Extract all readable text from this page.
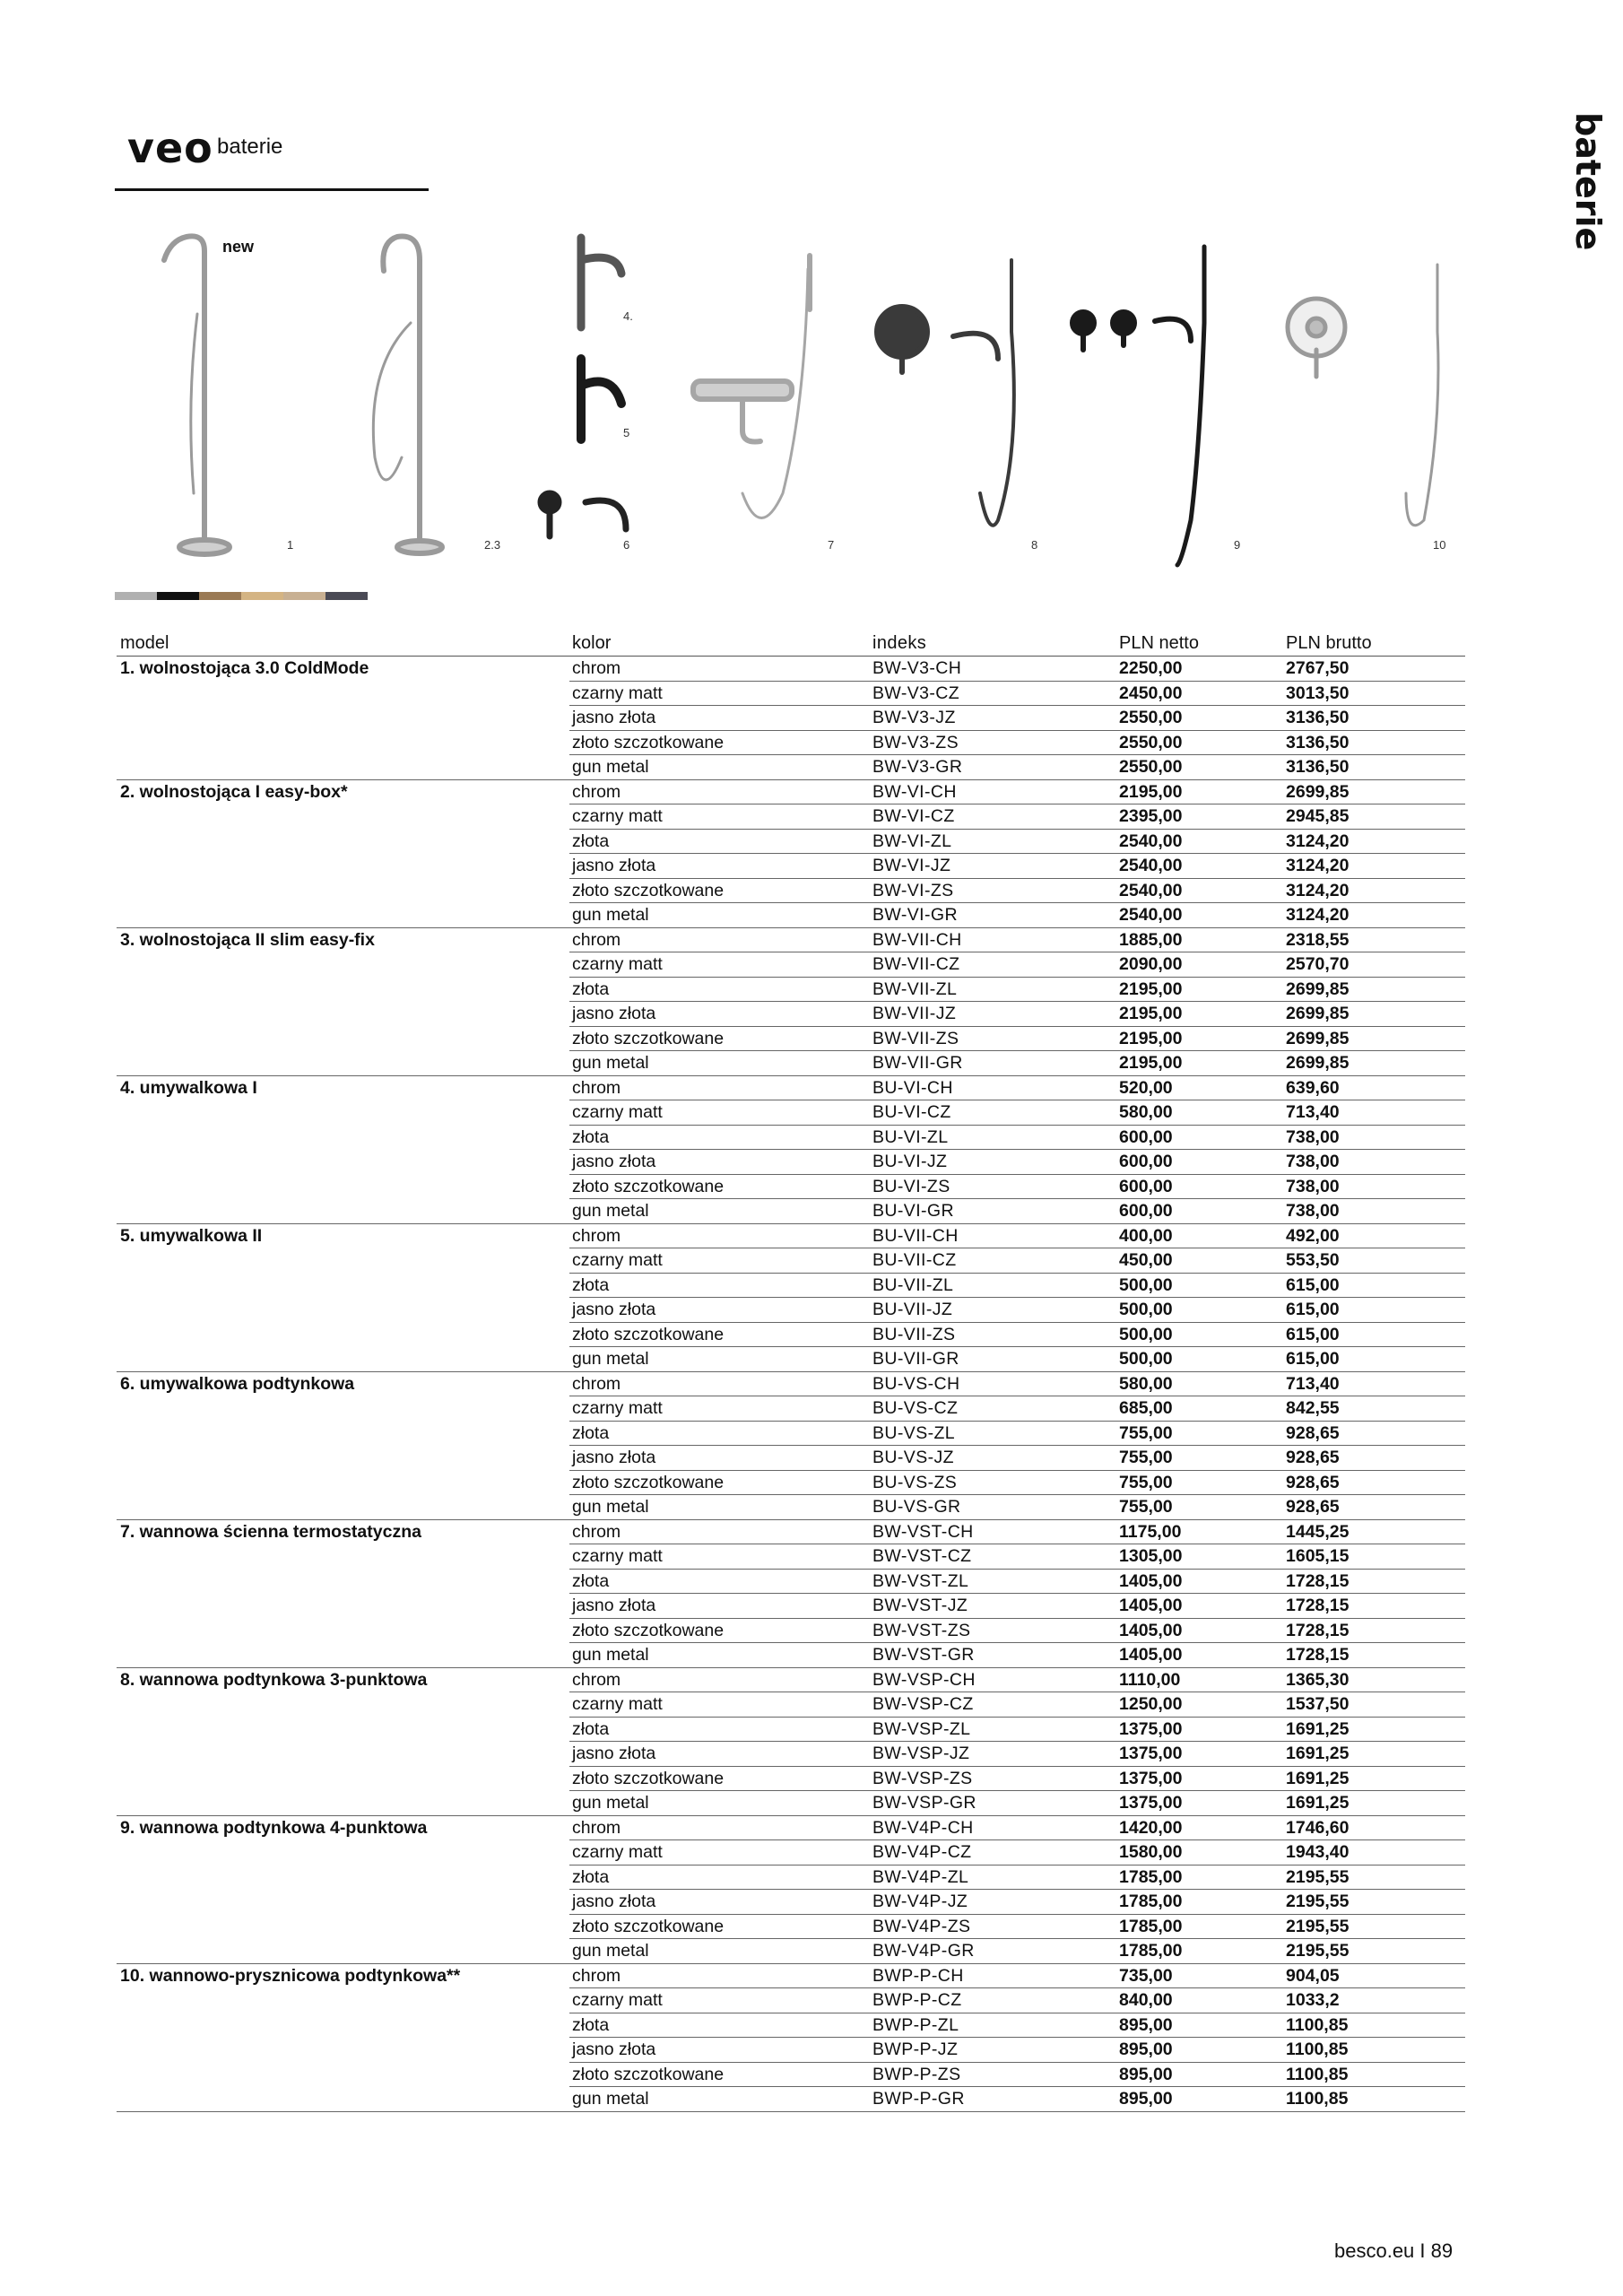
veo baterie	baterie
new
1	2.3
4.
5
6	7	8	9	10
model	kolor	indeks	PLN netto	PLN brutto
1. wolnostojąca 3.0 ColdMode	chrom	BW-V3-CH	2250,00	2767,50
czarny matt	BW-V3-CZ	2450,00	3013,50
jasno złota	BW-V3-JZ	2550,00	3136,50
złoto szczotkowane	BW-V3-ZS	2550,00	3136,50
gun metal	BW-V3-GR	2550,00	3136,50
2. wolnostojąca I easy-box*	chrom	BW-VI-CH	2195,00	2699,85
czarny matt	BW-VI-CZ	2395,00	2945,85
złota	BW-VI-ZL	2540,00	3124,20
jasno złota	BW-VI-JZ	2540,00	3124,20
złoto szczotkowane	BW-VI-ZS	2540,00	3124,20
gun metal	BW-VI-GR	2540,00	3124,20
3. wolnostojąca II slim easy-fix	chrom	BW-VII-CH	1885,00	2318,55
czarny matt	BW-VII-CZ	2090,00	2570,70
złota	BW-VII-ZL	2195,00	2699,85
jasno złota	BW-VII-JZ	2195,00	2699,85
złoto szczotkowane	BW-VII-ZS	2195,00	2699,85
gun metal	BW-VII-GR	2195,00	2699,85
4. umywalkowa I	chrom	BU-VI-CH	520,00	639,60
czarny matt	BU-VI-CZ	580,00	713,40
złota	BU-VI-ZL	600,00	738,00
jasno złota	BU-VI-JZ	600,00	738,00
złoto szczotkowane	BU-VI-ZS	600,00	738,00
gun metal	BU-VI-GR	600,00	738,00
5. umywalkowa II	chrom	BU-VII-CH	400,00	492,00
czarny matt	BU-VII-CZ	450,00	553,50
złota	BU-VII-ZL	500,00	615,00
jasno złota	BU-VII-JZ	500,00	615,00
złoto szczotkowane	BU-VII-ZS	500,00	615,00
gun metal	BU-VII-GR	500,00	615,00
6. umywalkowa podtynkowa	chrom	BU-VS-CH	580,00	713,40
czarny matt	BU-VS-CZ	685,00	842,55
złota	BU-VS-ZL	755,00	928,65
jasno złota	BU-VS-JZ	755,00	928,65
złoto szczotkowane	BU-VS-ZS	755,00	928,65
gun metal	BU-VS-GR	755,00	928,65
7. wannowa ścienna termostatyczna	chrom	BW-VST-CH	1175,00	1445,25
czarny matt	BW-VST-CZ	1305,00	1605,15
złota	BW-VST-ZL	1405,00	1728,15
jasno złota	BW-VST-JZ	1405,00	1728,15
złoto szczotkowane	BW-VST-ZS	1405,00	1728,15
gun metal	BW-VST-GR	1405,00	1728,15
8. wannowa podtynkowa 3-punktowa	chrom	BW-VSP-CH	1110,00	1365,30
czarny matt	BW-VSP-CZ	1250,00	1537,50
złota	BW-VSP-ZL	1375,00	1691,25
jasno złota	BW-VSP-JZ	1375,00	1691,25
złoto szczotkowane	BW-VSP-ZS	1375,00	1691,25
gun metal	BW-VSP-GR	1375,00	1691,25
9. wannowa podtynkowa 4-punktowa	chrom	BW-V4P-CH	1420,00	1746,60
czarny matt	BW-V4P-CZ	1580,00	1943,40
złota	BW-V4P-ZL	1785,00	2195,55
jasno złota	BW-V4P-JZ	1785,00	2195,55
złoto szczotkowane	BW-V4P-ZS	1785,00	2195,55
gun metal	BW-V4P-GR	1785,00	2195,55
10. wannowo-prysznicowa podtynkowa**	chrom	BWP-P-CH	735,00	904,05
czarny matt	BWP-P-CZ	840,00	1033,2
złota	BWP-P-ZL	895,00	1100,85
jasno złota	BWP-P-JZ	895,00	1100,85
złoto szczotkowane	BWP-P-ZS	895,00	1100,85
gun metal	BWP-P-GR	895,00	1100,85
besco.eu I 89
